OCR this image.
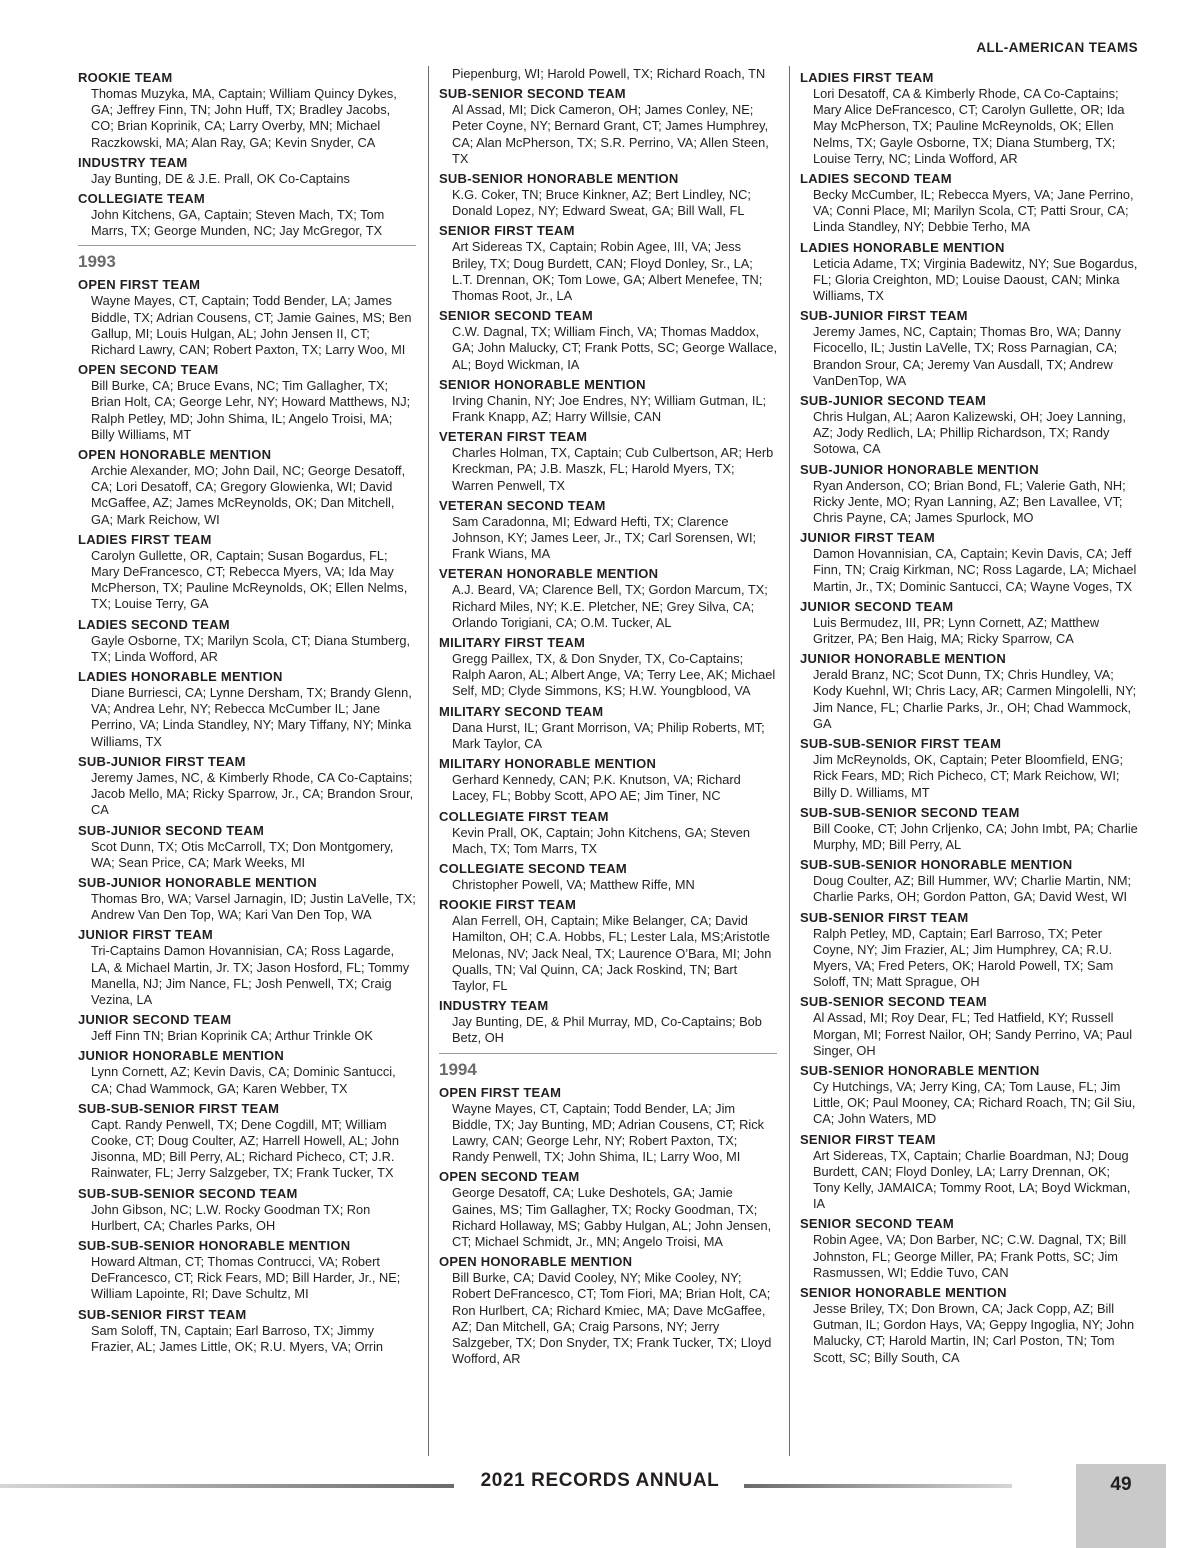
ALL-AMERICAN TEAMS
ROOKIE TEAM
Thomas Muzyka, MA, Captain; William Quincy Dykes, GA; Jeffrey Finn, TN; John Huff, TX; Bradley Jacobs, CO; Brian Koprinik, CA; Larry Overby, MN; Michael Raczkowski, MA; Alan Ray, GA; Kevin Snyder, CA
INDUSTRY TEAM
Jay Bunting, DE & J.E. Prall, OK Co-Captains
COLLEGIATE TEAM
John Kitchens, GA, Captain; Steven Mach, TX; Tom Marrs, TX; George Munden, NC; Jay McGregor, TX
1993
OPEN FIRST TEAM
Wayne Mayes, CT, Captain; Todd Bender, LA; James Biddle, TX; Adrian Cousens, CT; Jamie Gaines, MS; Ben Gallup, MI; Louis Hulgan, AL; John Jensen II, CT; Richard Lawry, CAN; Robert Paxton, TX; Larry Woo, MI
OPEN SECOND TEAM
Bill Burke, CA; Bruce Evans, NC; Tim Gallagher, TX; Brian Holt, CA; George Lehr, NY; Howard Matthews, NJ; Ralph Petley, MD; John Shima, IL; Angelo Troisi, MA; Billy Williams, MT
OPEN HONORABLE MENTION
Archie Alexander, MO; John Dail, NC; George Desatoff, CA; Lori Desatoff, CA; Gregory Glowienka, WI; David McGaffee, AZ; James McReynolds, OK; Dan Mitchell, GA; Mark Reichow, WI
LADIES FIRST TEAM
Carolyn Gullette, OR, Captain; Susan Bogardus, FL; Mary DeFrancesco, CT; Rebecca Myers, VA; Ida May McPherson, TX; Pauline McReynolds, OK; Ellen Nelms, TX; Louise Terry, GA
LADIES SECOND TEAM
Gayle Osborne, TX; Marilyn Scola, CT; Diana Stumberg, TX; Linda Wofford, AR
LADIES HONORABLE MENTION
Diane Burriesci, CA; Lynne Dersham, TX; Brandy Glenn, VA; Andrea Lehr, NY; Rebecca McCumber IL; Jane Perrino, VA; Linda Standley, NY; Mary Tiffany, NY; Minka Williams, TX
SUB-JUNIOR FIRST TEAM
Jeremy James, NC, & Kimberly Rhode, CA Co-Captains; Jacob Mello, MA; Ricky Sparrow, Jr., CA; Brandon Srour, CA
SUB-JUNIOR SECOND TEAM
Scot Dunn, TX; Otis McCarroll, TX; Don Montgomery, WA; Sean Price, CA; Mark Weeks, MI
SUB-JUNIOR HONORABLE MENTION
Thomas Bro, WA; Varsel Jarnagin, ID; Justin LaVelle, TX; Andrew Van Den Top, WA; Kari Van Den Top, WA
JUNIOR FIRST TEAM
Tri-Captains Damon Hovannisian, CA; Ross Lagarde, LA, & Michael Martin, Jr. TX; Jason Hosford, FL; Tommy Manella, NJ; Jim Nance, FL; Josh Penwell, TX; Craig Vezina, LA
JUNIOR SECOND TEAM
Jeff Finn TN; Brian Koprinik CA; Arthur Trinkle OK
JUNIOR HONORABLE MENTION
Lynn Cornett, AZ; Kevin Davis, CA; Dominic Santucci, CA; Chad Wammock, GA; Karen Webber, TX
SUB-SUB-SENIOR FIRST TEAM
Capt. Randy Penwell, TX; Dene Cogdill, MT; William Cooke, CT; Doug Coulter, AZ; Harrell Howell, AL; John Jisonna, MD; Bill Perry, AL; Richard Picheco, CT; J.R. Rainwater, FL; Jerry Salzgeber, TX; Frank Tucker, TX
SUB-SUB-SENIOR SECOND TEAM
John Gibson, NC; L.W. Rocky Goodman TX; Ron Hurlbert, CA; Charles Parks, OH
SUB-SUB-SENIOR HONORABLE MENTION
Howard Altman, CT; Thomas Contrucci, VA; Robert DeFrancesco, CT; Rick Fears, MD; Bill Harder, Jr., NE; William Lapointe, RI; Dave Schultz, MI
SUB-SENIOR FIRST TEAM
Sam Soloff, TN, Captain; Earl Barroso, TX; Jimmy Frazier, AL; James Little, OK; R.U. Myers, VA; Orrin
Piepenburg, WI; Harold Powell, TX; Richard Roach, TN
SUB-SENIOR SECOND TEAM
Al Assad, MI; Dick Cameron, OH; James Conley, NE; Peter Coyne, NY; Bernard Grant, CT; James Humphrey, CA; Alan McPherson, TX; S.R. Perrino, VA; Allen Steen, TX
SUB-SENIOR HONORABLE MENTION
K.G. Coker, TN; Bruce Kinkner, AZ; Bert Lindley, NC; Donald Lopez, NY; Edward Sweat, GA; Bill Wall, FL
SENIOR FIRST TEAM
Art Sidereas TX, Captain; Robin Agee, III, VA; Jess Briley, TX; Doug Burdett, CAN; Floyd Donley, Sr., LA; L.T. Drennan, OK; Tom Lowe, GA; Albert Menefee, TN; Thomas Root, Jr., LA
SENIOR SECOND TEAM
C.W. Dagnal, TX; William Finch, VA; Thomas Maddox, GA; John Malucky, CT; Frank Potts, SC; George Wallace, AL; Boyd Wickman, IA
SENIOR HONORABLE MENTION
Irving Chanin, NY; Joe Endres, NY; William Gutman, IL; Frank Knapp, AZ; Harry Willsie, CAN
VETERAN FIRST TEAM
Charles Holman, TX, Captain; Cub Culbertson, AR; Herb Kreckman, PA; J.B. Maszk, FL; Harold Myers, TX; Warren Penwell, TX
VETERAN SECOND TEAM
Sam Caradonna, MI; Edward Hefti, TX; Clarence Johnson, KY; James Leer, Jr., TX; Carl Sorensen, WI; Frank Wians, MA
VETERAN HONORABLE MENTION
A.J. Beard, VA; Clarence Bell, TX; Gordon Marcum, TX; Richard Miles, NY; K.E. Pletcher, NE; Grey Silva, CA; Orlando Torigiani, CA; O.M. Tucker, AL
MILITARY FIRST TEAM
Gregg Paillex, TX, & Don Snyder, TX, Co-Captains; Ralph Aaron, AL; Albert Ange, VA; Terry Lee, AK; Michael Self, MD; Clyde Simmons, KS; H.W. Youngblood, VA
MILITARY SECOND TEAM
Dana Hurst, IL; Grant Morrison, VA; Philip Roberts, MT; Mark Taylor, CA
MILITARY HONORABLE MENTION
Gerhard Kennedy, CAN; P.K. Knutson, VA; Richard Lacey, FL; Bobby Scott, APO AE; Jim Tiner, NC
COLLEGIATE FIRST TEAM
Kevin Prall, OK, Captain; John Kitchens, GA; Steven Mach, TX; Tom Marrs, TX
COLLEGIATE SECOND TEAM
Christopher Powell, VA; Matthew Riffe, MN
ROOKIE FIRST TEAM
Alan Ferrell, OH, Captain; Mike Belanger, CA; David Hamilton, OH; C.A. Hobbs, FL; Lester Lala, MS;Aristotle Melonas, NV; Jack Neal, TX; Laurence O’Bara, MI; John Qualls, TN; Val Quinn, CA; Jack Roskind, TN; Bart Taylor, FL
INDUSTRY TEAM
Jay Bunting, DE, & Phil Murray, MD, Co-Captains; Bob Betz, OH
1994
OPEN FIRST TEAM
Wayne Mayes, CT, Captain; Todd Bender, LA; Jim Biddle, TX; Jay Bunting, MD; Adrian Cousens, CT; Rick Lawry, CAN; George Lehr, NY; Robert Paxton, TX; Randy Penwell, TX; John Shima, IL; Larry Woo, MI
OPEN SECOND TEAM
George Desatoff, CA; Luke Deshotels, GA; Jamie Gaines, MS; Tim Gallagher, TX; Rocky Goodman, TX; Richard Hollaway, MS; Gabby Hulgan, AL; John Jensen, CT; Michael Schmidt, Jr., MN; Angelo Troisi, MA
OPEN HONORABLE MENTION
Bill Burke, CA; David Cooley, NY; Mike Cooley, NY; Robert DeFrancesco, CT; Tom Fiori, MA; Brian Holt, CA; Ron Hurlbert, CA; Richard Kmiec, MA; Dave McGaffee, AZ; Dan Mitchell, GA; Craig Parsons, NY; Jerry Salzgeber, TX; Don Snyder, TX; Frank Tucker, TX; Lloyd Wofford, AR
LADIES FIRST TEAM
Lori Desatoff, CA & Kimberly Rhode, CA Co-Captains; Mary Alice DeFrancesco, CT; Carolyn Gullette, OR; Ida May McPherson, TX; Pauline McReynolds, OK; Ellen Nelms, TX; Gayle Osborne, TX; Diana Stumberg, TX; Louise Terry, NC; Linda Wofford, AR
LADIES SECOND TEAM
Becky McCumber, IL; Rebecca Myers, VA; Jane Perrino, VA; Conni Place, MI; Marilyn Scola, CT; Patti Srour, CA; Linda Standley, NY; Debbie Terho, MA
LADIES HONORABLE MENTION
Leticia Adame, TX; Virginia Badewitz, NY; Sue Bogardus, FL; Gloria Creighton, MD; Louise Daoust, CAN; Minka Williams, TX
SUB-JUNIOR FIRST TEAM
Jeremy James, NC, Captain; Thomas Bro, WA; Danny Ficocello, IL; Justin LaVelle, TX; Ross Parnagian, CA; Brandon Srour, CA; Jeremy Van Ausdall, TX; Andrew VanDenTop, WA
SUB-JUNIOR SECOND TEAM
Chris Hulgan, AL; Aaron Kalizewski, OH; Joey Lanning, AZ; Jody Redlich, LA; Phillip Richardson, TX; Randy Sotowa, CA
SUB-JUNIOR HONORABLE MENTION
Ryan Anderson, CO; Brian Bond, FL; Valerie Gath, NH; Ricky Jente, MO; Ryan Lanning, AZ; Ben Lavallee, VT; Chris Payne, CA; James Spurlock, MO
JUNIOR FIRST TEAM
Damon Hovannisian, CA, Captain; Kevin Davis, CA; Jeff Finn, TN; Craig Kirkman, NC; Ross Lagarde, LA; Michael Martin, Jr., TX; Dominic Santucci, CA; Wayne Voges, TX
JUNIOR SECOND TEAM
Luis Bermudez, III, PR; Lynn Cornett, AZ; Matthew Gritzer, PA; Ben Haig, MA; Ricky Sparrow, CA
JUNIOR HONORABLE MENTION
Jerald Branz, NC; Scot Dunn, TX; Chris Hundley, VA; Kody Kuehnl, WI; Chris Lacy, AR; Carmen Mingolelli, NY; Jim Nance, FL; Charlie Parks, Jr., OH; Chad Wammock, GA
SUB-SUB-SENIOR FIRST TEAM
Jim McReynolds, OK, Captain; Peter Bloomfield, ENG; Rick Fears, MD; Rich Picheco, CT; Mark Reichow, WI; Billy D. Williams, MT
SUB-SUB-SENIOR SECOND TEAM
Bill Cooke, CT; John Crljenko, CA; John Imbt, PA; Charlie Murphy, MD; Bill Perry, AL
SUB-SUB-SENIOR HONORABLE MENTION
Doug Coulter, AZ; Bill Hummer, WV; Charlie Martin, NM; Charlie Parks, OH; Gordon Patton, GA; David West, WI
SUB-SENIOR FIRST TEAM
Ralph Petley, MD, Captain; Earl Barroso, TX; Peter Coyne, NY; Jim Frazier, AL; Jim Humphrey, CA; R.U. Myers, VA; Fred Peters, OK; Harold Powell, TX; Sam Soloff, TN; Matt Sprague, OH
SUB-SENIOR SECOND TEAM
Al Assad, MI; Roy Dear, FL; Ted Hatfield, KY; Russell Morgan, MI; Forrest Nailor, OH; Sandy Perrino, VA; Paul Singer, OH
SUB-SENIOR HONORABLE MENTION
Cy Hutchings, VA; Jerry King, CA; Tom Lause, FL; Jim Little, OK; Paul Mooney, CA; Richard Roach, TN; Gil Siu, CA; John Waters, MD
SENIOR FIRST TEAM
Art Sidereas, TX, Captain; Charlie Boardman, NJ; Doug Burdett, CAN; Floyd Donley, LA; Larry Drennan, OK; Tony Kelly, JAMAICA; Tommy Root, LA; Boyd Wickman, IA
SENIOR SECOND TEAM
Robin Agee, VA; Don Barber, NC; C.W. Dagnal, TX; Bill Johnston, FL; George Miller, PA; Frank Potts, SC; Jim Rasmussen, WI; Eddie Tuvo, CAN
SENIOR HONORABLE MENTION
Jesse Briley, TX; Don Brown, CA; Jack Copp, AZ; Bill Gutman, IL; Gordon Hays, VA; Geppy Ingoglia, NY; John Malucky, CT; Harold Martin, IN; Carl Poston, TN; Tom Scott, SC; Billy South, CA
2021 RECORDS ANNUAL	49
